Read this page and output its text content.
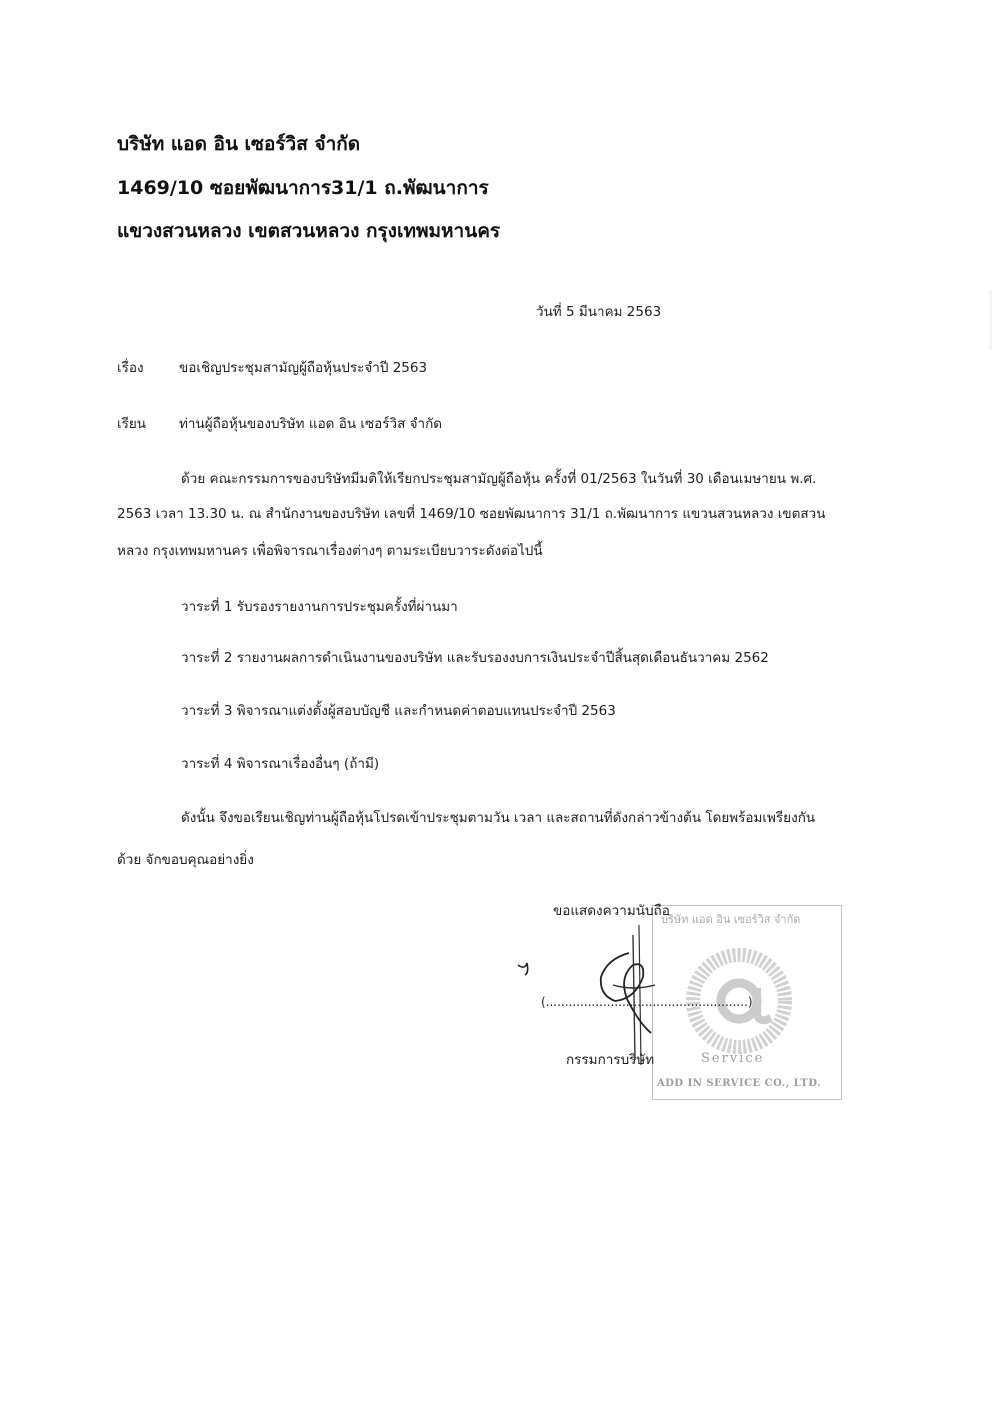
บริษัท แอด อิน เซอร์วิส จำกัด
1469/10 ซอยพัฒนาการ31/1 ถ.พัฒนาการ
แขวงสวนหลวง เขตสวนหลวง กรุงเทพมหานคร
วันที่ 5 มีนาคม 2563
เรื่อง	ขอเชิญประชุมสามัญผู้ถือหุ้นประจำปี 2563
เรียน ท่านผู้ถือหุ้นของบริษัท แอด อิน เซอร์วิส จำกัด
ด้วย คณะกรรมการของบริษัทมีมติให้เรียกประชุมสามัญผู้ถือหุ้น ครั้งที่ 01/2563 ในวันที่ 30 เดือนเมษายน พ.ศ.
2563 เวลา 13.30 น. ณ สำนักงานของบริษัท เลขที่ 1469/10 ซอยพัฒนาการ 31/1 ถ.พัฒนาการ แขวนสวนหลวง เขตสวน
หลวง กรุงเทพมหานคร เพื่อพิจารณาเรื่องต่างๆ ตามระเบียบวาระดังต่อไปนี้
วาระที่ 1 รับรองรายงานการประชุมครั้งที่ผ่านมา
วาระที่ 2 รายงานผลการดำเนินงานของบริษัท และรับรองงบการเงินประจำปีสิ้นสุดเดือนธันวาคม 2562
วาระที่ 3 พิจารณาแต่งตั้งผู้สอบบัญชี และกำหนดค่าตอบแทนประจำปี 2563
วาระที่ 4 พิจารณาเรื่องอื่นๆ (ถ้ามี)
ดังนั้น จึงขอเรียนเชิญท่านผู้ถือหุ้นโปรดเข้าประชุมตามวัน เวลา และสถานที่ดังกล่าวข้างต้น โดยพร้อมเพรียงกัน
ด้วย จักขอบคุณอย่างยิ่ง
บริษัท แอด อิน เซอร์วิส จำกัด
Service
ADD IN SERVICE CO., LTD.
ขอแสดงความนับถือ
(.....................................................)
กรรมการบริษัท
